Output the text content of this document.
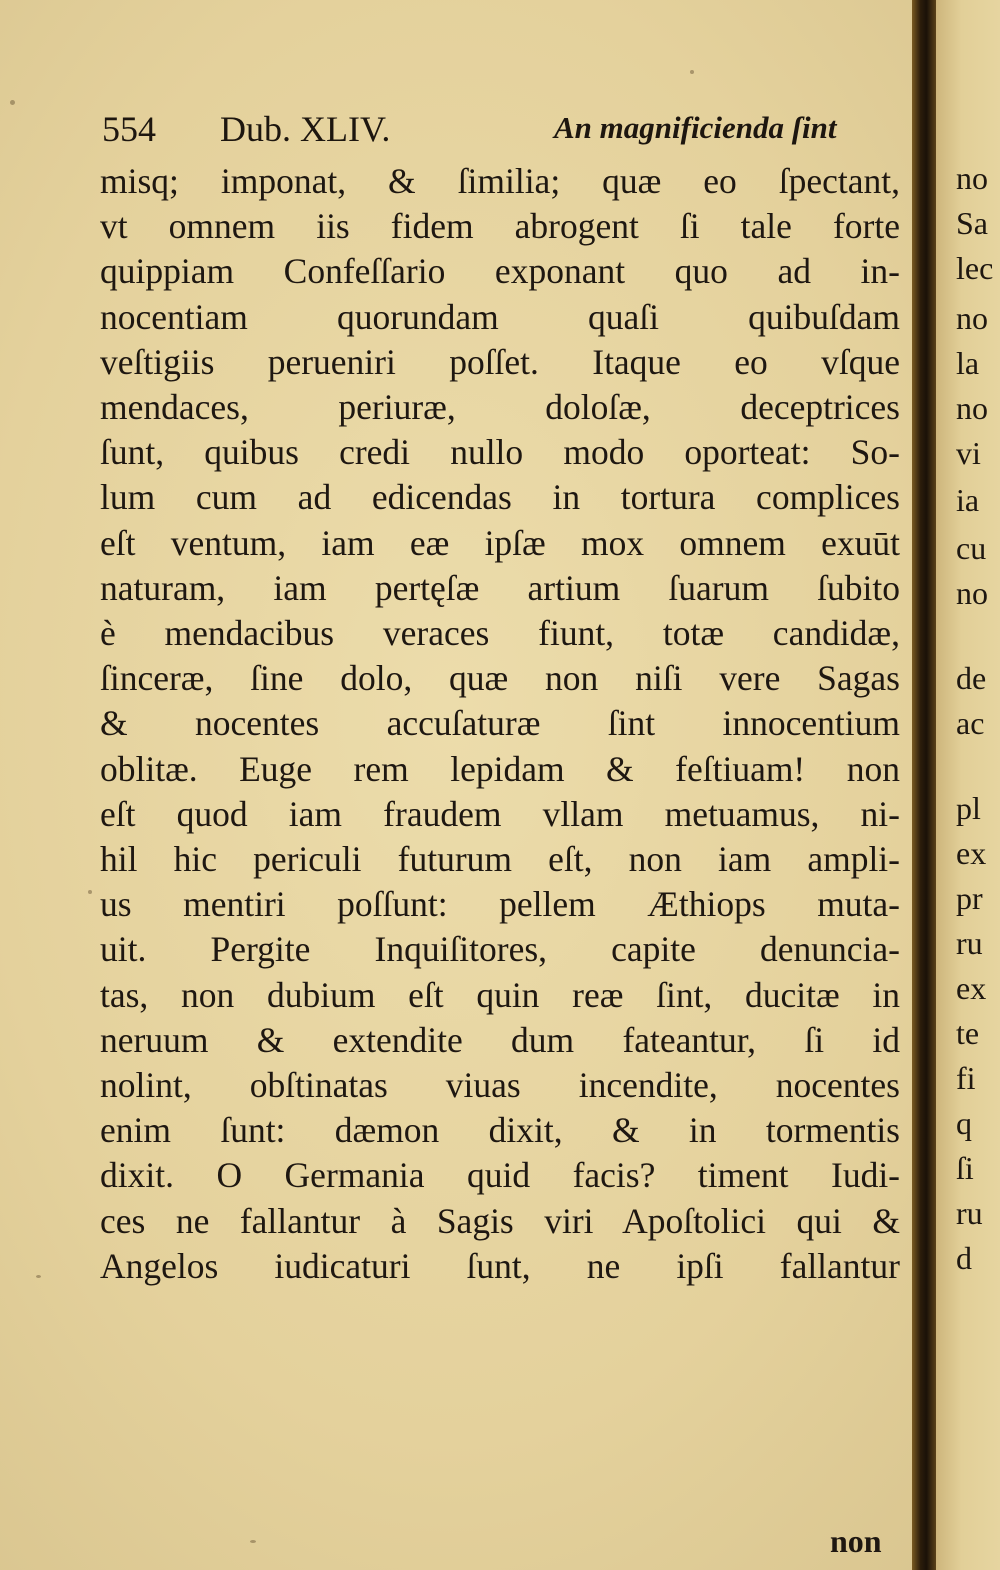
554 Dub. XLIV.	An magnificienda ſint
misq; imponat, & ſimilia; quæ eo ſpectant,
vt omnem iis fidem abrogent ſi tale forte
quippiam Confeſſario exponant quo ad in-
nocentiam quorundam quaſi quibuſdam
veſtigiis perueniri poſſet. Itaque eo vſque
mendaces, periuræ, doloſæ, deceptrices
ſunt, quibus credi nullo modo oporteat: So-
lum cum ad edicendas in tortura complices
eſt ventum, iam eæ ipſæ mox omnem exuūt
naturam, iam pertęſæ artium ſuarum ſubito
è mendacibus veraces fiunt, totæ candidæ,
ſinceræ, ſine dolo, quæ non niſi vere Sagas
& nocentes accuſaturæ ſint innocentium
oblitæ. Euge rem lepidam & feſtiuam! non
eſt quod iam fraudem vllam metuamus, ni-
hil hic periculi futurum eſt, non iam ampli-
us mentiri poſſunt: pellem Æthiops muta-
uit. Pergite Inquiſitores, capite denuncia-
tas, non dubium eſt quin reæ ſint, ducitæ in
neruum & extendite dum fateantur, ſi id
nolint, obſtinatas viuas incendite, nocentes
enim ſunt: dæmon dixit, & in tormentis
dixit. O Germania quid facis? timent Iudi-
ces ne fallantur à Sagis viri Apoſtolici qui &
Angelos iudicaturi ſunt, ne ipſi fallantur
non
no
Sa
lec
no
la
no
vi
ia
cu
no
de
ac
pl
ex
pr
ru
ex
te
fi
q
ſi
ru
d
